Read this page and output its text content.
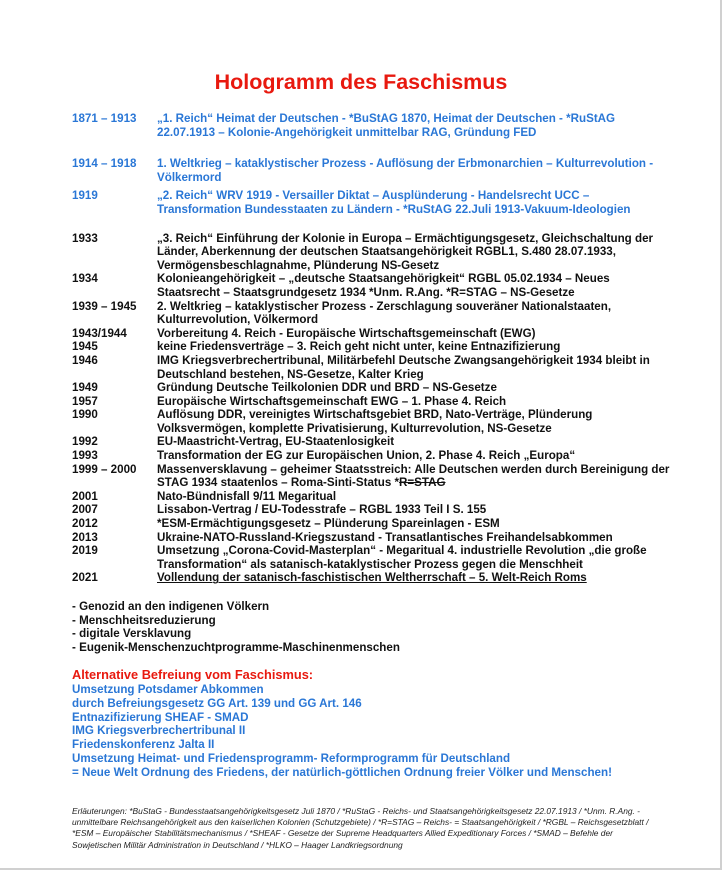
Hologramm des Faschismus
1871 – 1913	„1. Reich“ Heimat der Deutschen - *BuStAG 1870, Heimat der Deutschen - *RuStAG 22.07.1913 – Kolonie-Angehörigkeit unmittelbar RAG, Gründung FED
1914 – 1918	1. Weltkrieg – kataklystischer Prozess - Auflösung der Erbmonarchien – Kulturrevolution - Völkermord
1919	„2. Reich“ WRV 1919 - Versailler Diktat – Ausplünderung - Handelsrecht UCC – Transformation Bundesstaaten zu Ländern - *RuStAG 22.Juli 1913-Vakuum-Ideologien
1933	„3. Reich“ Einführung der Kolonie in Europa – Ermächtigungsgesetz, Gleichschaltung der Länder, Aberkennung der deutschen Staatsangehörigkeit RGBL1, S.480 28.07.1933, Vermögensbeschlagnahme, Plünderung NS-Gesetz
1934	Kolonieangehörigkeit – „deutsche Staatsangehörigkeit“ RGBL 05.02.1934 – Neues Staatsrecht – Staatsgrundgesetz 1934 *Unm. R.Ang. *R=STAG – NS-Gesetze
1939 – 1945	2. Weltkrieg – kataklystischer Prozess - Zerschlagung souveräner Nationalstaaten, Kulturrevolution, Völkermord
1943/1944	Vorbereitung 4. Reich - Europäische Wirtschaftsgemeinschaft (EWG)
1945	keine Friedensverträge – 3. Reich geht nicht unter, keine Entnazifizierung
1946	IMG Kriegsverbrechertribunal, Militärbefehl Deutsche Zwangsangehörigkeit 1934 bleibt in Deutschland bestehen, NS-Gesetze, Kalter Krieg
1949	Gründung Deutsche Teilkolonien DDR und BRD – NS-Gesetze
1957	Europäische Wirtschaftsgemeinschaft EWG – 1. Phase 4. Reich
1990	Auflösung DDR, vereinigtes Wirtschaftsgebiet BRD, Nato-Verträge, Plünderung Volksvermögen, komplette Privatisierung, Kulturrevolution, NS-Gesetze
1992	EU-Maastricht-Vertrag, EU-Staatenlosigkeit
1993	Transformation der EG zur Europäischen Union, 2. Phase 4. Reich „Europa“
1999 – 2000	Massenversklavung – geheimer Staatsstreich: Alle Deutschen werden durch Bereinigung der STAG 1934 staatenlos – Roma-Sinti-Status *R=STAG
2001	Nato-Bündnisfall 9/11 Megaritual
2007	Lissabon-Vertrag / EU-Todesstrafe – RGBL 1933 Teil I S. 155
2012	*ESM-Ermächtigungsgesetz – Plünderung Spareinlagen - ESM
2013	Ukraine-NATO-Russland-Kriegszustand - Transatlantisches Freihandelsabkommen
2019	Umsetzung „Corona-Covid-Masterplan“ - Megaritual 4. industrielle Revolution „die große Transformation“ als satanisch-kataklystischer Prozess gegen die Menschheit
2021	Vollendung der satanisch-faschistischen Weltherrschaft – 5. Welt-Reich Roms
- Genozid an den indigenen Völkern
- Menschheitsreduzierung
- digitale Versklavung
- Eugenik-Menschenzuchtprogramme-Maschinenmenschen
Alternative Befreiung vom Faschismus:
Umsetzung Potsdamer Abkommen
durch Befreiungsgesetz GG Art. 139 und GG Art. 146
Entnazifizierung SHEAF - SMAD
IMG Kriegsverbrechertribunal II
Friedenskonferenz Jalta II
Umsetzung Heimat- und Friedensprogramm- Reformprogramm für Deutschland
= Neue Welt Ordnung des Friedens, der natürlich-göttlichen Ordnung freier Völker und Menschen!
Erläuterungen: *BuStaG - Bundesstaatsangehörigkeitsgesetz Juli 1870 / *RuStaG - Reichs- und Staatsangehörigkeitsgesetz 22.07.1913 / *Unm. R.Ang. - unmittelbare Reichsangehörigkeit aus den kaiserlichen Kolonien (Schutzgebiete) / *R=STAG – Reichs- = Staatsangehörigkeit / *RGBL – Reichsgesetzblatt / *ESM – Europäischer Stabilitätsmechanismus / *SHEAF - Gesetze der Supreme Headquarters Allied Expeditionary Forces / *SMAD – Befehle der Sowjetischen Militär Administration in Deutschland / *HLKO – Haager Landkriegsordnung
